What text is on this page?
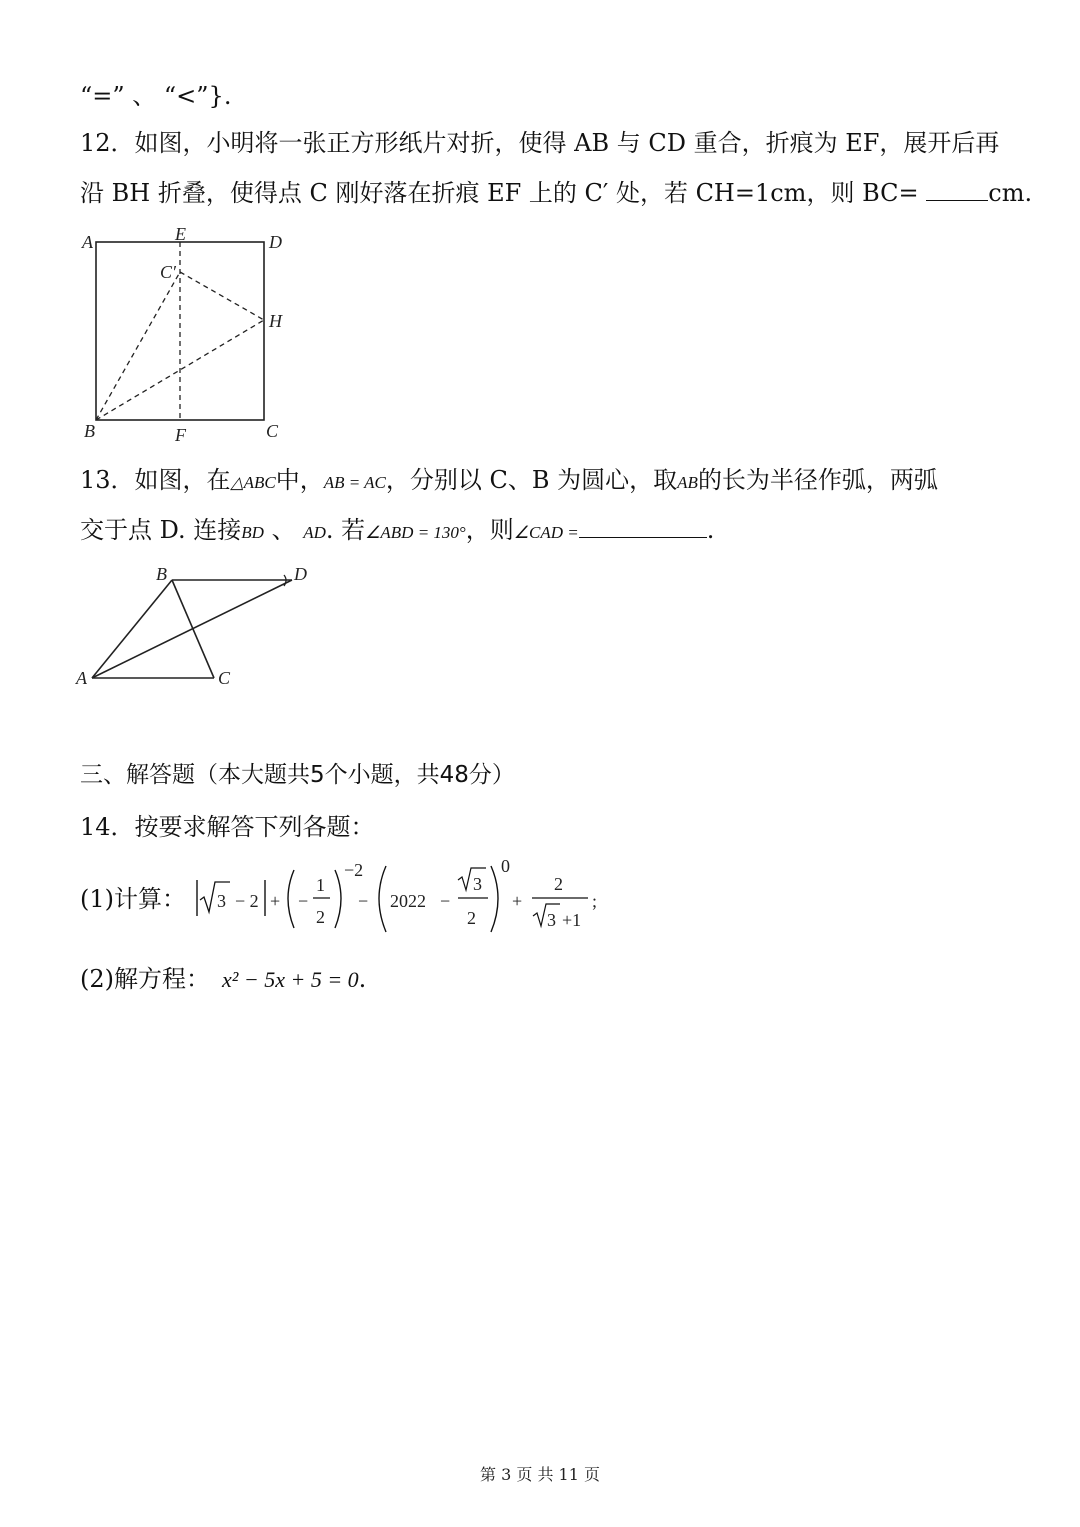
“=” 、 “<”}.
12．如图，小明将一张正方形纸片对折，使得 AB 与 CD 重合，折痕为 EF，展开后再
沿 BH 折叠，使得点 C 刚好落在折痕 EF 上的 C′ 处，若 CH=1cm，则 BC=	cm.
A	E	D
C′
H
B	F	C
13．如图，在△ABC中，AB = AC，分别以 C、B 为圆心，取AB的长为半径作弧，两弧
交于点 D. 连接BD 、 AD. 若∠ABD = 130°，则∠CAD =	.
B	D
A	C
三、解答题（本大题共5个小题，共48分）
14．按要求解答下列各题：
(1)计算： 3 − 2 + −
1
2
−2
− 2022 −
3
2
0
+
2
3 +1
;
(2)解方程： x² − 5x + 5 = 0.
第 3 页 共 11 页
